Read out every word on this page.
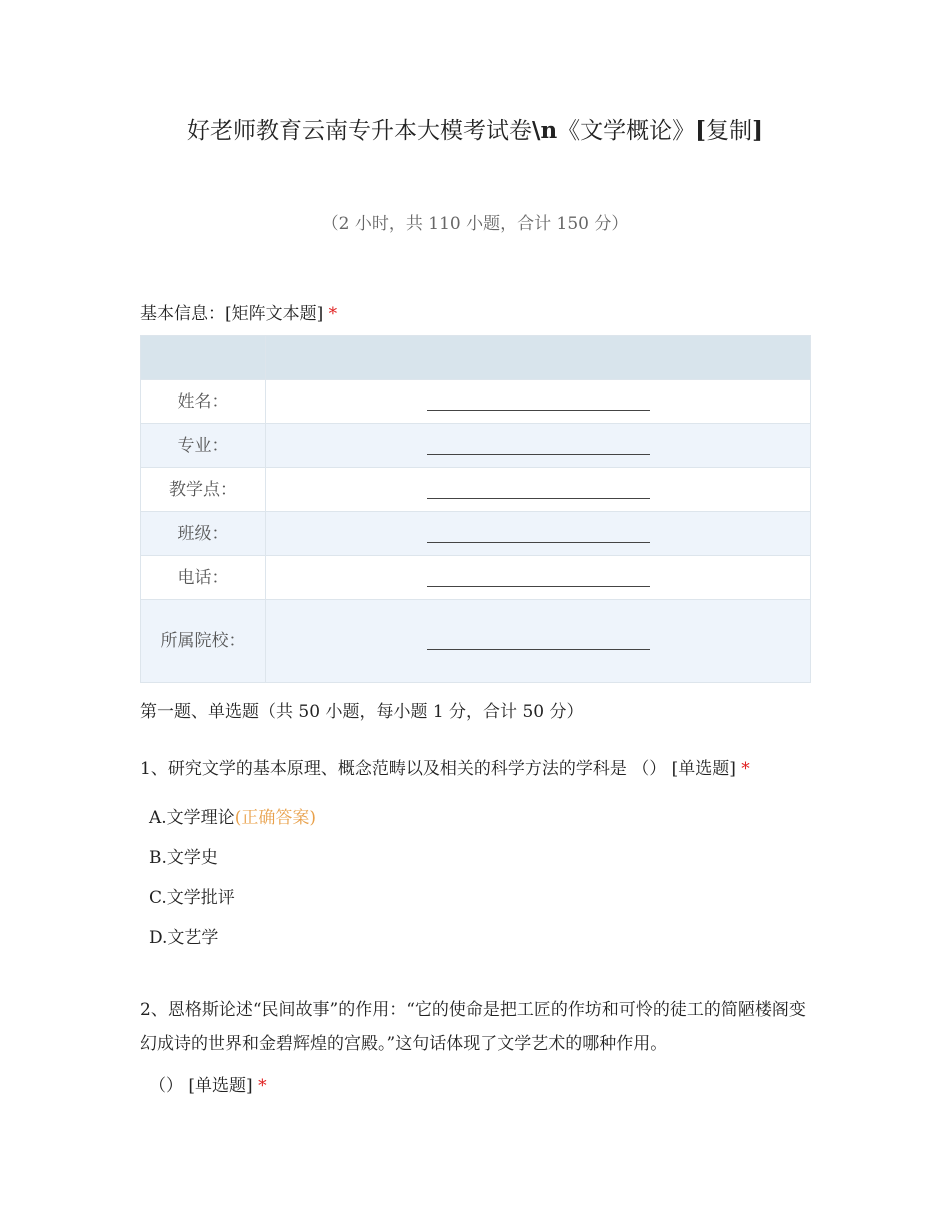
好老师教育云南专升本大模考试卷\n《文学概论》[复制]
（2 小时，共 110 小题，合计 150 分）
基本信息：[矩阵文本题] *

姓名：	
专业：	
教学点：	
班级：	
电话：	
所属院校：	
第一题、单选题（共 50 小题，每小题 1 分，合计 50 分）
1、研究文学的基本原理、概念范畴以及相关的科学方法的学科是 （） [单选题] *
A.文学理论(正确答案)
B.文学史
C.文学批评
D.文艺学
2、恩格斯论述“民间故事”的作用：“它的使命是把工匠的作坊和可怜的徒工的简陋楼阁变幻成诗的世界和金碧辉煌的宫殿。”这句话体现了文学艺术的哪种作用。
（） [单选题] *
